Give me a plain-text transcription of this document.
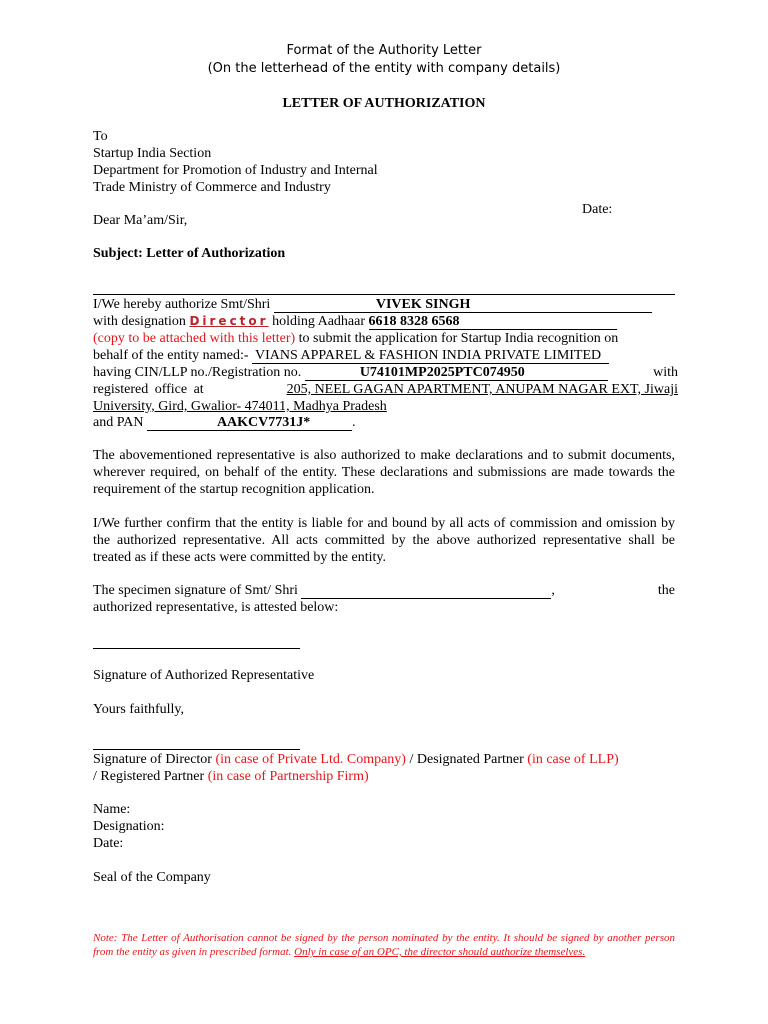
Format of the Authority Letter
(On the letterhead of the entity with company details)
LETTER OF AUTHORIZATION
To
Startup India Section
Department for Promotion of Industry and Internal
Trade Ministry of Commerce and Industry
Date:
Dear Ma’am/Sir,
Subject: Letter of Authorization
I/We hereby authorize Smt/Shri	VIVEK SINGH
with designation Director holding Aadhaar 6618 8328 6568
(copy to be attached with this letter) to submit the application for Startup India recognition on
behalf of the entity named:- VIANS APPAREL & FASHION INDIA PRIVATE LIMITED
having CIN/LLP no./Registration no.	U74101MP2025PTC074950	with
registered office at	205, NEEL GAGAN APARTMENT, ANUPAM NAGAR EXT, Jiwaji
University, Gird, Gwalior- 474011, Madhya Pradesh
and PAN	AAKCV7731J*	.
The abovementioned representative is also authorized to make declarations and to submit documents, wherever required, on behalf of the entity. These declarations and submissions are made towards the requirement of the startup recognition application.
I/We further confirm that the entity is liable for and bound by all acts of commission and omission by the authorized representative. All acts committed by the above authorized representative shall be treated as if these acts were committed by the entity.
The specimen signature of Smt/ Shri	,	the
authorized representative, is attested below:
Signature of Authorized Representative
Yours faithfully,
Signature of Director (in case of Private Ltd. Company) / Designated Partner (in case of LLP)
/ Registered Partner (in case of Partnership Firm)
Name:
Designation:
Date:
Seal of the Company
Note: The Letter of Authorisation cannot be signed by the person nominated by the entity. It should be signed by another person from the entity as given in prescribed format. Only in case of an OPC, the director should authorize themselves.
